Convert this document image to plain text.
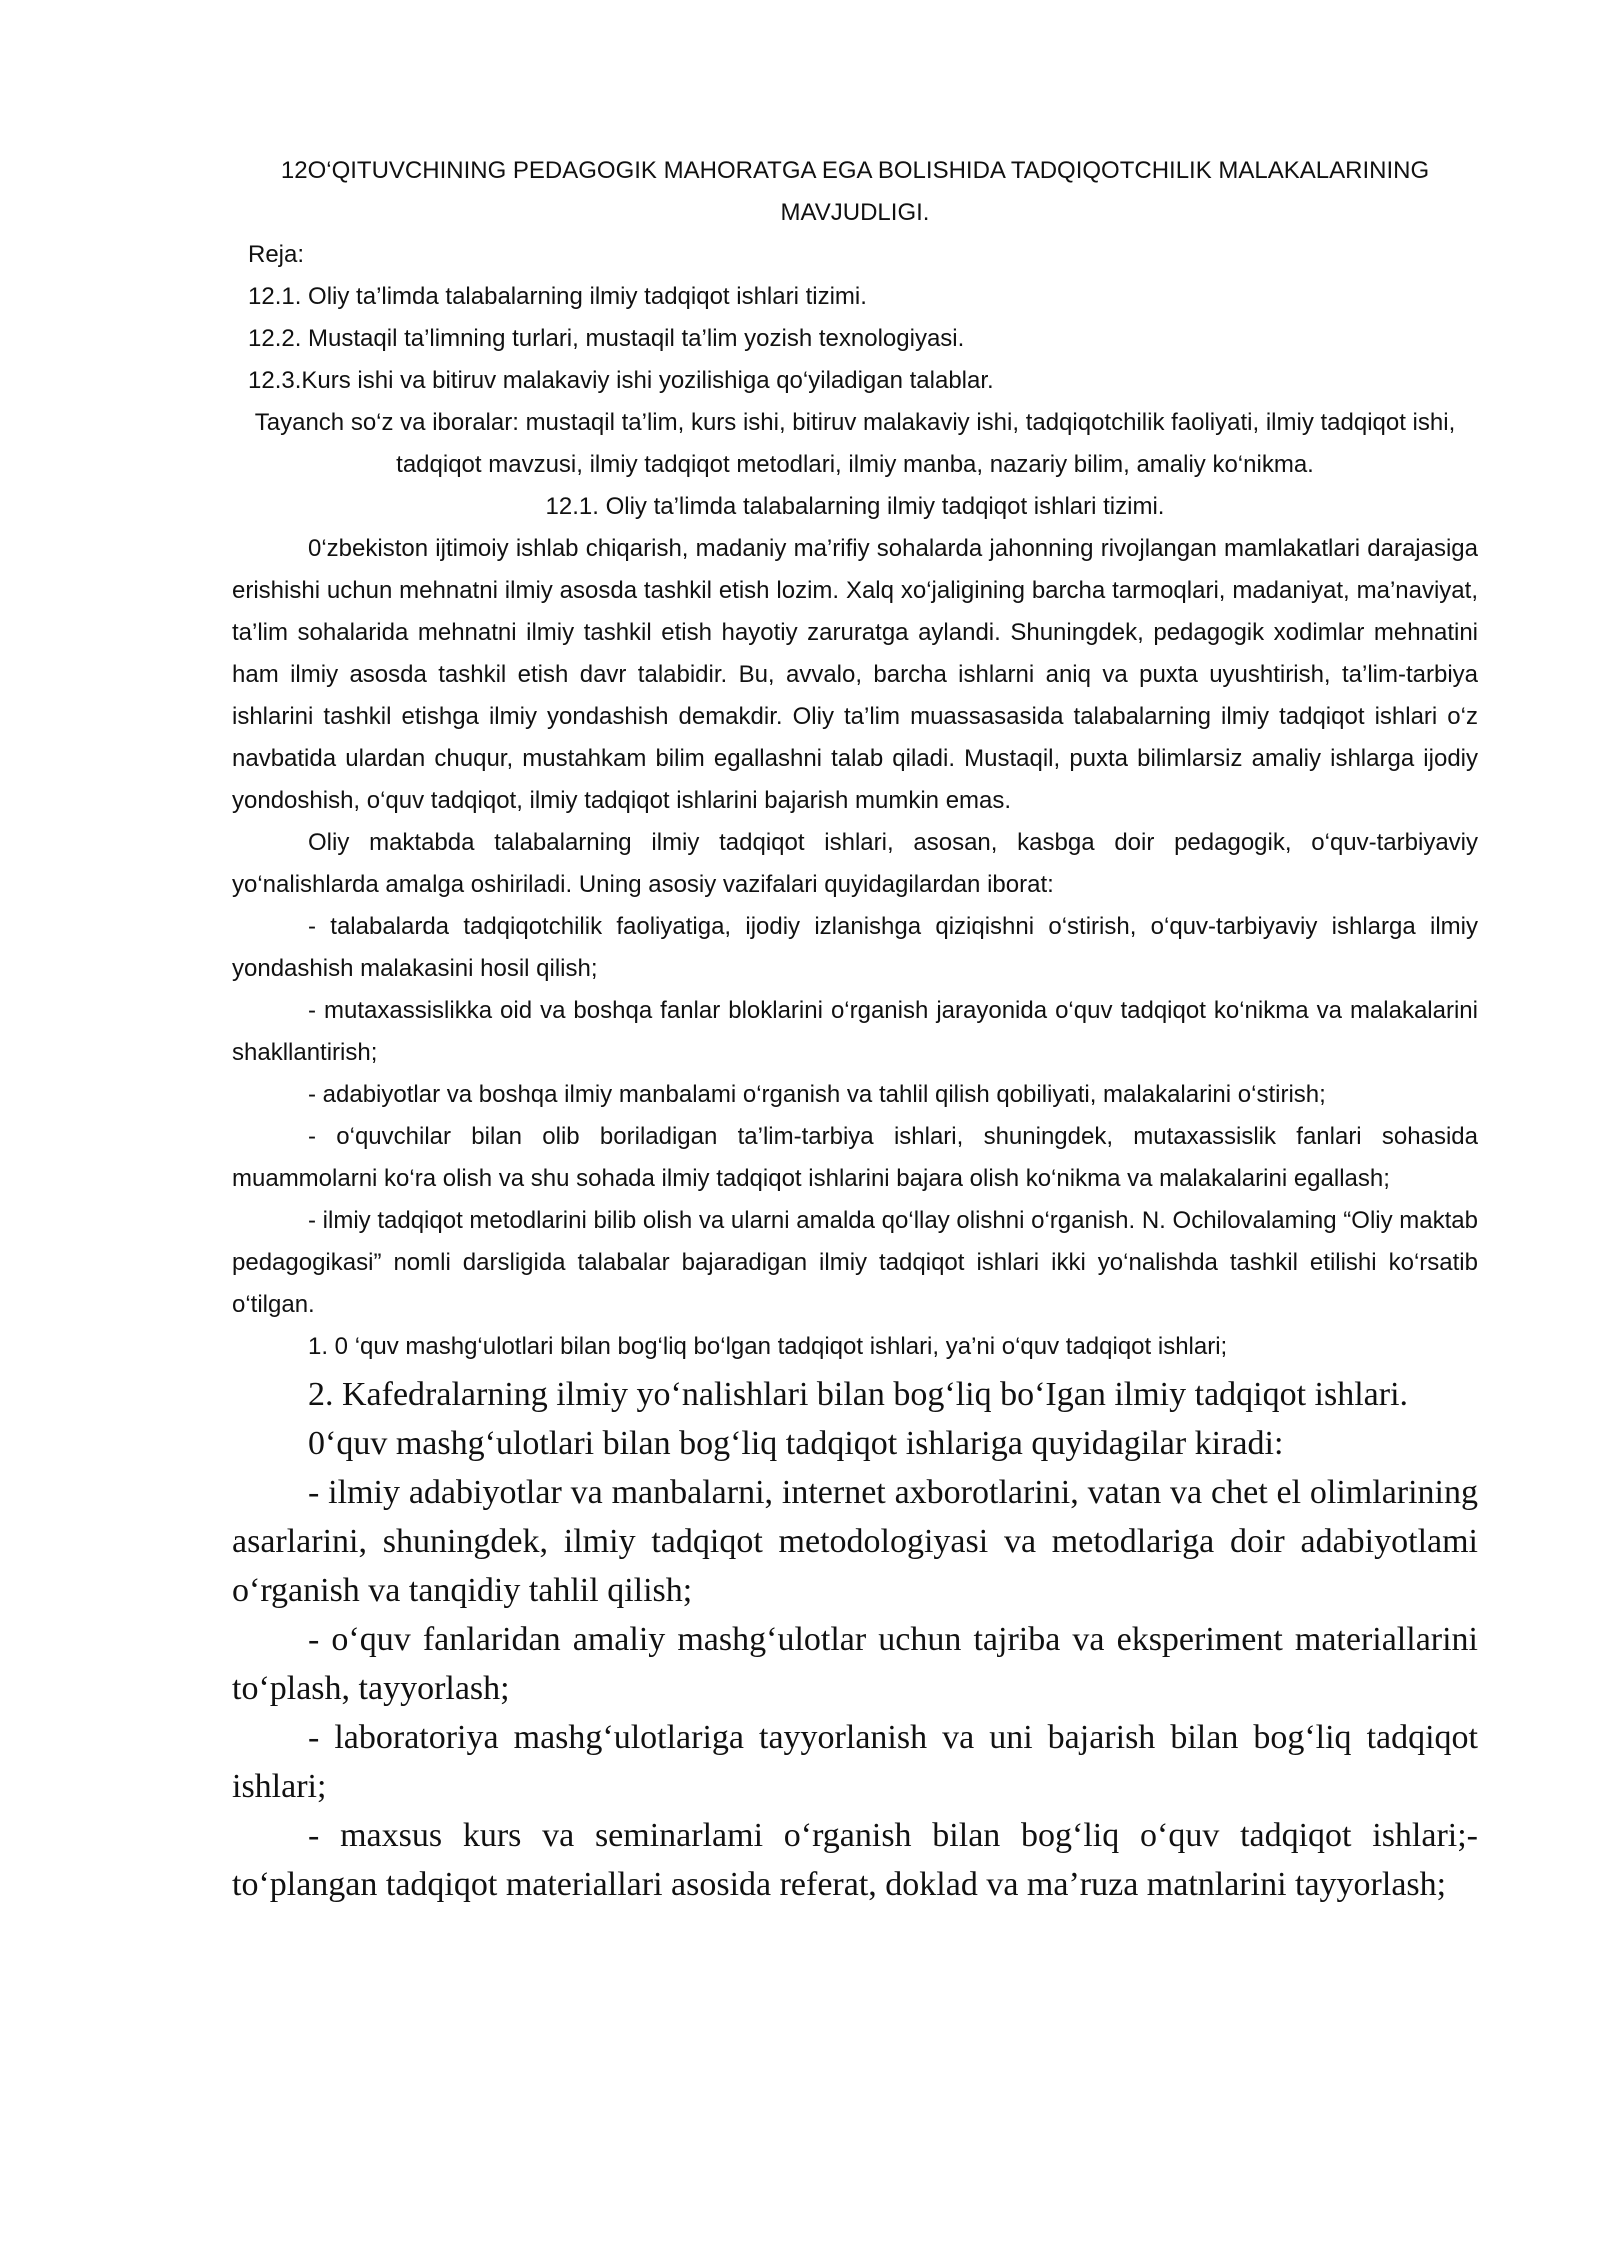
12O‘QITUVCHINING PEDAGOGIK MAHORATGA EGA BOLISHIDA TADQIQOTCHILIK MALAKALARINING MAVJUDLIGI.

Reja:

12.1. Oliy ta’limda talabalarning ilmiy tadqiqot ishlari tizimi.

12.2. Mustaqil ta’limning turlari, mustaqil ta’lim yozish texnologiyasi.

12.3.Kurs ishi va bitiruv malakaviy ishi yozilishiga qo‘yiladigan talablar.

Tayanch so‘z va iboralar: mustaqil ta’lim, kurs ishi, bitiruv malakaviy ishi, tadqiqotchilik faoliyati, ilmiy tadqiqot ishi, tadqiqot mavzusi, ilmiy tadqiqot metodlari, ilmiy manba, nazariy bilim, amaliy ko‘nikma.

12.1. Oliy ta’limda talabalarning ilmiy tadqiqot ishlari tizimi.

0‘zbekiston ijtimoiy ishlab chiqarish, madaniy ma’rifiy sohalarda jahonning rivojlangan mamlakatlari darajasiga erishishi uchun mehnatni ilmiy asosda tashkil etish lozim. Xalq xo‘jaligining barcha tarmoqlari, madaniyat, ma’naviyat, ta’lim sohalarida mehnatni ilmiy tashkil etish hayotiy zaruratga aylandi. Shuningdek, pedagogik xodimlar mehnatini ham ilmiy asosda tashkil etish davr talabidir. Bu, avvalo, barcha ishlarni aniq va puxta uyushtirish, ta’lim-tarbiya ishlarini tashkil etishga ilmiy yondashish demakdir. Oliy ta’lim muassasasida talabalarning ilmiy tadqiqot ishlari o‘z navbatida ulardan chuqur, mustahkam bilim egallashni talab qiladi. Mustaqil, puxta bilimlarsiz amaliy ishlarga ijodiy yondoshish, o‘quv tadqiqot, ilmiy tadqiqot ishlarini bajarish mumkin emas.

Oliy maktabda talabalarning ilmiy tadqiqot ishlari, asosan, kasbga doir pedagogik, o‘quv-tarbiyaviy yo‘nalishlarda amalga oshiriladi. Uning asosiy vazifalari quyidagilardan iborat:

- talabalarda tadqiqotchilik faoliyatiga, ijodiy izlanishga qiziqishni o‘stirish, o‘quv-tarbiyaviy ishlarga ilmiy yondashish malakasini hosil qilish;

- mutaxassislikka oid va boshqa fanlar bloklarini o‘rganish jarayonida o‘quv tadqiqot ko‘nikma va malakalarini shakllantirish;

- adabiyotlar va boshqa ilmiy manbalami o‘rganish va tahlil qilish qobiliyati, malakalarini o‘stirish;

- o‘quvchilar bilan olib boriladigan ta’lim-tarbiya ishlari, shuningdek, mutaxassislik fanlari sohasida muammolarni ko‘ra olish va shu sohada ilmiy tadqiqot ishlarini bajara olish ko‘nikma va malakalarini egallash;

- ilmiy tadqiqot metodlarini bilib olish va ularni amalda qo‘llay olishni o‘rganish. N. Ochilovalaming “Oliy maktab pedagogikasi” nomli darsligida talabalar bajaradigan ilmiy tadqiqot ishlari ikki yo‘nalishda tashkil etilishi ko‘rsatib o‘tilgan.

1. 0 ‘quv mashg‘ulotlari bilan bog‘liq bo‘lgan tadqiqot ishlari, ya’ni o‘quv tadqiqot ishlari;

2. Kafedralarning ilmiy yo‘nalishlari bilan bog‘liq bo‘Igan ilmiy tadqiqot ishlari.

0‘quv mashg‘ulotlari bilan bog‘liq tadqiqot ishlariga quyidagilar kiradi:

- ilmiy adabiyotlar va manbalarni, internet axborotlarini, vatan va chet el olimlarining asarlarini, shuningdek, ilmiy tadqiqot metodologiyasi va metodlariga doir adabiyotlami o‘rganish va tanqidiy tahlil qilish;

- o‘quv fanlaridan amaliy mashg‘ulotlar uchun tajriba va eksperiment materiallarini to‘plash, tayyorlash;

- laboratoriya mashg‘ulotlariga tayyorlanish va uni bajarish bilan bog‘liq tadqiqot ishlari;

- maxsus kurs va seminarlami o‘rganish bilan bog‘liq o‘quv tadqiqot ishlari;- to‘plangan tadqiqot materiallari asosida referat, doklad va ma’ruza matnlarini tayyorlash;
